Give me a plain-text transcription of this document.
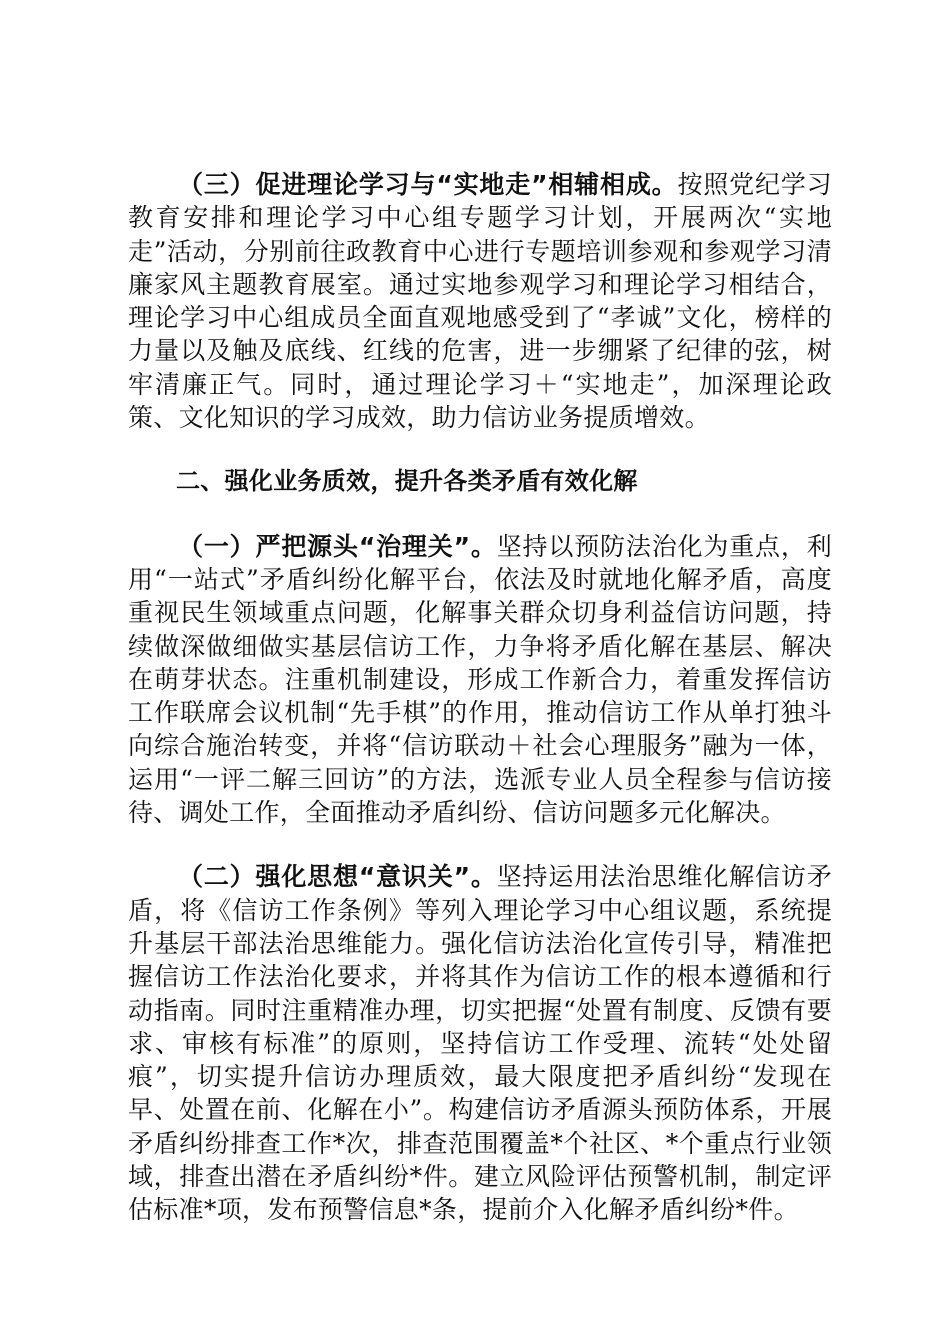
（三）促进理论学习与“实地走”相辅相成。按照党纪学习教育安排和理论学习中心组专题学习计划，开展两次“实地走”活动，分别前往政教育中心进行专题培训参观和参观学习清廉家风主题教育展室。通过实地参观学习和理论学习相结合，理论学习中心组成员全面直观地感受到了“孝诚”文化，榜样的力量以及触及底线、红线的危害，进一步绷紧了纪律的弦，树牢清廉正气。同时，通过理论学习＋“实地走”，加深理论政策、文化知识的学习成效，助力信访业务提质增效。

二、强化业务质效，提升各类矛盾有效化解

（一）严把源头“治理关”。坚持以预防法治化为重点，利用“一站式”矛盾纠纷化解平台，依法及时就地化解矛盾，高度重视民生领域重点问题，化解事关群众切身利益信访问题，持续做深做细做实基层信访工作，力争将矛盾化解在基层、解决在萌芽状态。注重机制建设，形成工作新合力，着重发挥信访工作联席会议机制“先手棋”的作用，推动信访工作从单打独斗向综合施治转变，并将“信访联动＋社会心理服务”融为一体，运用“一评二解三回访”的方法，选派专业人员全程参与信访接待、调处工作，全面推动矛盾纠纷、信访问题多元化解决。

（二）强化思想“意识关”。坚持运用法治思维化解信访矛盾，将《信访工作条例》等列入理论学习中心组议题，系统提升基层干部法治思维能力。强化信访法治化宣传引导，精准把握信访工作法治化要求，并将其作为信访工作的根本遵循和行动指南。同时注重精准办理，切实把握“处置有制度、反馈有要求、审核有标准”的原则，坚持信访工作受理、流转“处处留痕”，切实提升信访办理质效，最大限度把矛盾纠纷“发现在早、处置在前、化解在小”。构建信访矛盾源头预防体系，开展矛盾纠纷排查工作*次，排查范围覆盖*个社区、*个重点行业领域，排查出潜在矛盾纠纷*件。建立风险评估预警机制，制定评估标准*项，发布预警信息*条，提前介入化解矛盾纠纷*件。
